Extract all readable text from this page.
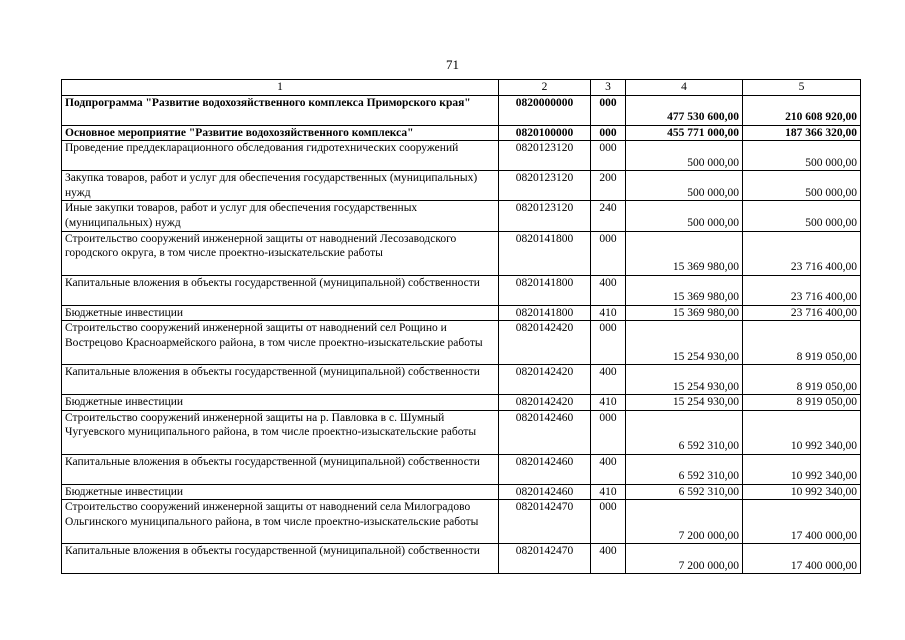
71
1	2	3	4	5
Подпрограмма "Развитие водохозяйственного комплекса Приморского края"	0820000000	000	477 530 600,00	210 608 920,00
Основное мероприятие "Развитие водохозяйственного комплекса"	0820100000	000	455 771 000,00	187 366 320,00
Проведение преддекларационного обследования гидротехнических сооружений	0820123120	000	500 000,00	500 000,00
Закупка товаров, работ и услуг для обеспечения государственных (муниципальных) нужд	0820123120	200	500 000,00	500 000,00
Иные закупки товаров, работ и услуг для обеспечения государственных (муниципальных) нужд	0820123120	240	500 000,00	500 000,00
Строительство сооружений инженерной защиты от наводнений Лесозаводского городского округа, в том числе проектно-изыскательские работы	0820141800	000	15 369 980,00	23 716 400,00
Капитальные вложения в объекты государственной (муниципальной) собственности	0820141800	400	15 369 980,00	23 716 400,00
Бюджетные инвестиции	0820141800	410	15 369 980,00	23 716 400,00
Строительство сооружений инженерной защиты от наводнений сел Рощино и Вострецово Красноармейского района, в том числе проектно-изыскательские работы	0820142420	000	15 254 930,00	8 919 050,00
Капитальные вложения в объекты государственной (муниципальной) собственности	0820142420	400	15 254 930,00	8 919 050,00
Бюджетные инвестиции	0820142420	410	15 254 930,00	8 919 050,00
Строительство сооружений инженерной защиты на р. Павловка в с. Шумный Чугуевского муниципального района, в том числе проектно-изыскательские работы	0820142460	000	6 592 310,00	10 992 340,00
Капитальные вложения в объекты государственной (муниципальной) собственности	0820142460	400	6 592 310,00	10 992 340,00
Бюджетные инвестиции	0820142460	410	6 592 310,00	10 992 340,00
Строительство сооружений инженерной защиты от наводнений села Милоградово Ольгинского муниципального района, в том числе проектно-изыскательские работы	0820142470	000	7 200 000,00	17 400 000,00
Капитальные вложения в объекты государственной (муниципальной) собственности	0820142470	400	7 200 000,00	17 400 000,00
